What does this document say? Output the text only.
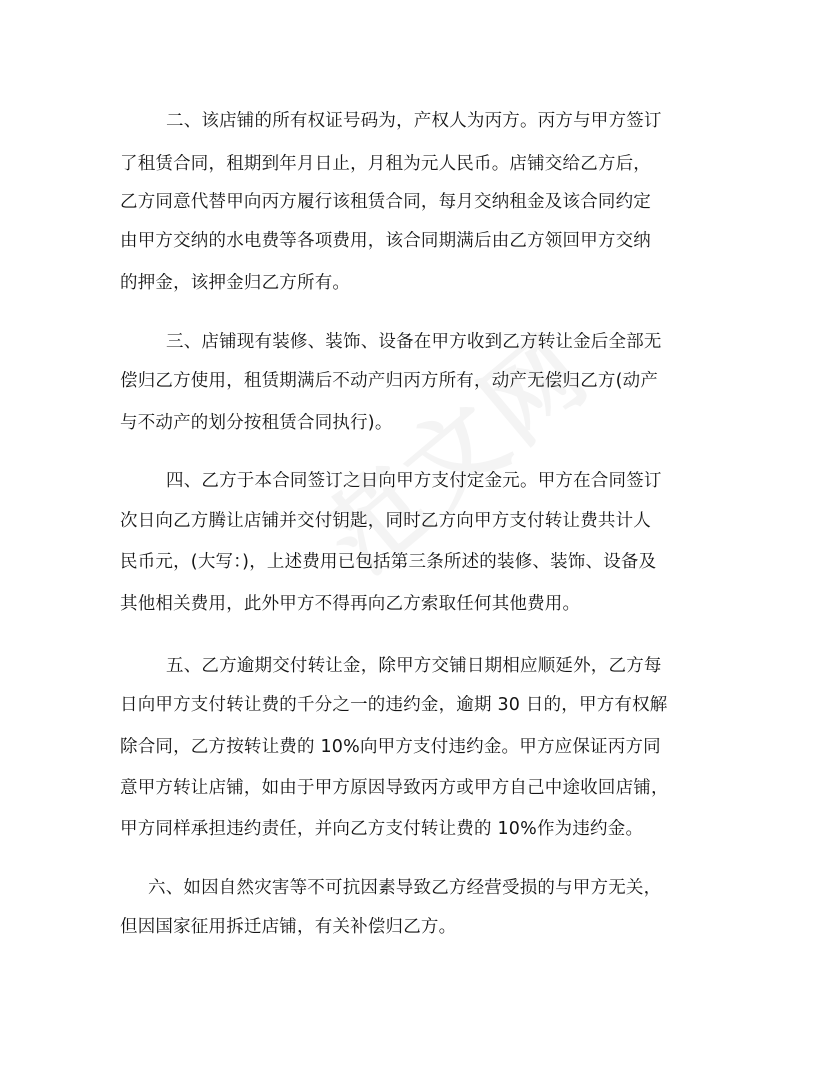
二、该店铺的所有权证号码为，产权人为丙方。丙方与甲方签订
了租赁合同，租期到年月日止，月租为元人民币。店铺交给乙方后，
乙方同意代替甲向丙方履行该租赁合同，每月交纳租金及该合同约定
由甲方交纳的水电费等各项费用，该合同期满后由乙方领回甲方交纳
的押金，该押金归乙方所有。
三、店铺现有装修、装饰、设备在甲方收到乙方转让金后全部无
偿归乙方使用，租赁期满后不动产归丙方所有，动产无偿归乙方(动产
与不动产的划分按租赁合同执行)。
四、乙方于本合同签订之日向甲方支付定金元。甲方在合同签订
次日向乙方腾让店铺并交付钥匙，同时乙方向甲方支付转让费共计人
民币元，(大写：)，上述费用已包括第三条所述的装修、装饰、设备及
其他相关费用，此外甲方不得再向乙方索取任何其他费用。
五、乙方逾期交付转让金，除甲方交铺日期相应顺延外，乙方每
日向甲方支付转让费的千分之一的违约金，逾期 30 日的，甲方有权解
除合同，乙方按转让费的 10%向甲方支付违约金。甲方应保证丙方同
意甲方转让店铺，如由于甲方原因导致丙方或甲方自己中途收回店铺，
甲方同样承担违约责任，并向乙方支付转让费的 10%作为违约金。
六、如因自然灾害等不可抗因素导致乙方经营受损的与甲方无关，
但因国家征用拆迁店铺，有关补偿归乙方。
